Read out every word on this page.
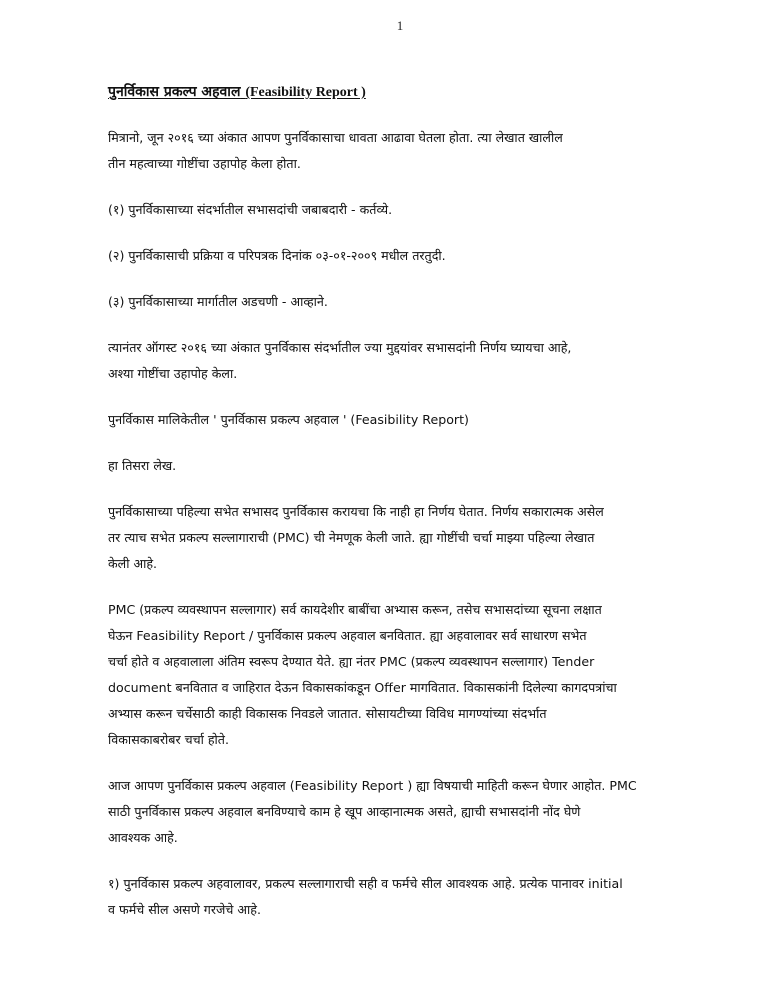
1
पुनर्विकास प्रकल्प अहवाल (Feasibility Report )
मित्रानो, जून २०१६ च्या अंकात आपण पुनर्विकासाचा धावता आढावा घेतला होता. त्या लेखात खालील
तीन महत्वाच्या गोष्टींचा उहापोह केला होता.
(१) पुनर्विकासाच्या संदर्भातील सभासदांची जबाबदारी - कर्तव्ये.
(२) पुनर्विकासाची प्रक्रिया व परिपत्रक दिनांक ०३-०१-२००९ मधील तरतुदी.
(३) पुनर्विकासाच्या मार्गातील अडचणी - आव्हाने.
त्यानंतर ऑगस्ट २०१६ च्या अंकात पुनर्विकास संदर्भातील ज्या मुद्दयांवर सभासदांनी निर्णय घ्यायचा आहे,
अश्या गोष्टींचा उहापोह केला.
पुनर्विकास मालिकेतील ' पुनर्विकास प्रकल्प अहवाल ' (Feasibility Report)
हा तिसरा लेख.
पुनर्विकासाच्या पहिल्या सभेत सभासद पुनर्विकास करायचा कि नाही हा निर्णय घेतात. निर्णय सकारात्मक असेल
तर त्याच सभेत प्रकल्प सल्लागाराची (PMC) ची नेमणूक केली जाते. ह्या गोष्टींची चर्चा माझ्या पहिल्या लेखात
केली आहे.
PMC (प्रकल्प व्यवस्थापन सल्लागार) सर्व कायदेशीर बाबींचा अभ्यास करून, तसेच सभासदांच्या सूचना लक्षात
घेऊन Feasibility Report / पुनर्विकास प्रकल्प अहवाल बनवितात. ह्या अहवालावर सर्व साधारण सभेत
चर्चा होते व अहवालाला अंतिम स्वरूप देण्यात येते. ह्या नंतर PMC (प्रकल्प व्यवस्थापन सल्लागार) Tender
document बनवितात व जाहिरात देऊन विकासकांकडून Offer मागवितात. विकासकांनी दिलेल्या कागदपत्रांचा
अभ्यास करून चर्चेसाठी काही विकासक निवडले जातात. सोसायटीच्या विविध मागण्यांच्या संदर्भात
विकासकाबरोबर चर्चा होते.
आज आपण पुनर्विकास प्रकल्प अहवाल (Feasibility Report ) ह्या विषयाची माहिती करून घेणार आहोत. PMC
साठी पुनर्विकास प्रकल्प अहवाल बनविण्याचे काम हे खूप आव्हानात्मक असते, ह्याची सभासदांनी नोंद घेणे
आवश्यक आहे.
१) पुनर्विकास प्रकल्प अहवालावर, प्रकल्प सल्लागाराची सही व फर्मचे सील आवश्यक आहे. प्रत्येक पानावर initial
व फर्मचे सील असणे गरजेचे आहे.
